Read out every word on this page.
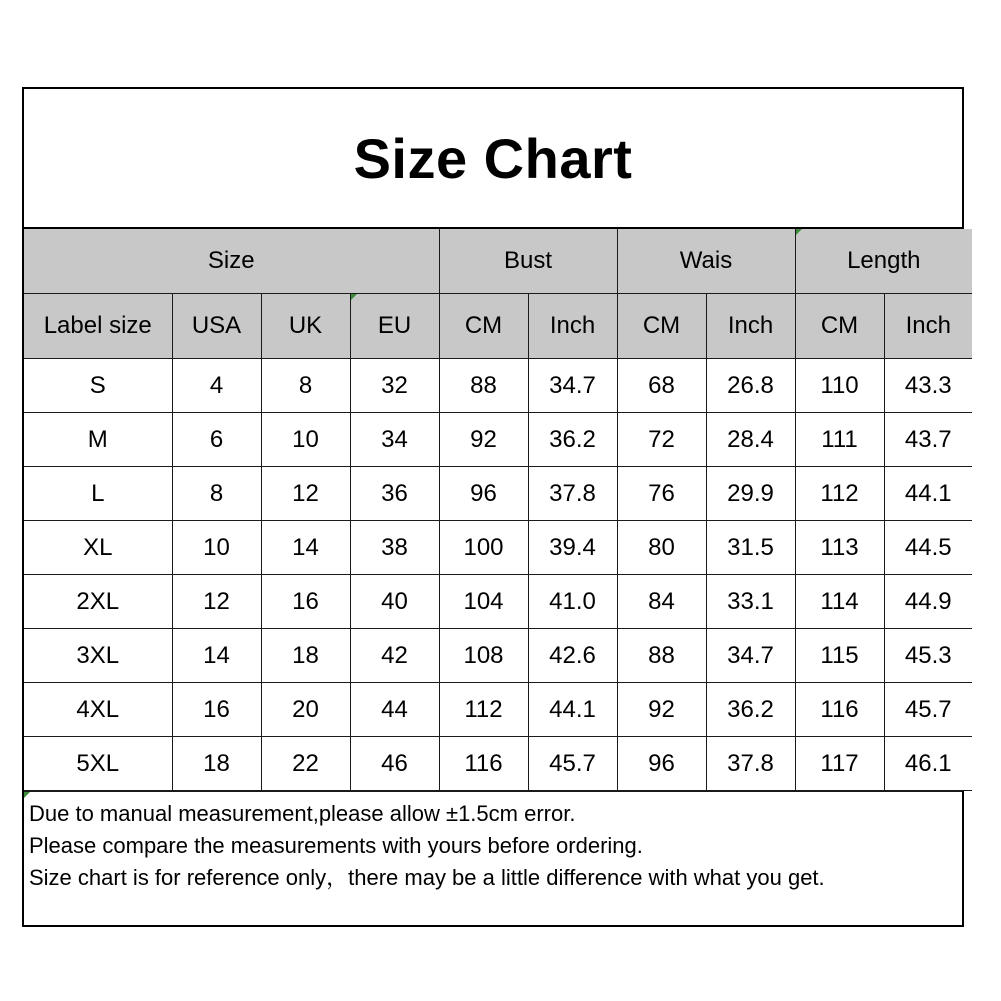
Size Chart
Size				Bust		Wais		Length	
Label size	USA	UK	EU	CM	Inch	CM	Inch	CM	Inch
S	4	8	32	88	34.7	68	26.8	110	43.3
M	6	10	34	92	36.2	72	28.4	111	43.7
L	8	12	36	96	37.8	76	29.9	112	44.1
XL	10	14	38	100	39.4	80	31.5	113	44.5
2XL	12	16	40	104	41.0	84	33.1	114	44.9
3XL	14	18	42	108	42.6	88	34.7	115	45.3
4XL	16	20	44	112	44.1	92	36.2	116	45.7
5XL	18	22	46	116	45.7	96	37.8	117	46.1
Due to manual measurement,please allow ±1.5cm error.
Please compare the measurements with yours before ordering.
Size chart is for reference only，there may be a little difference with what you get.
